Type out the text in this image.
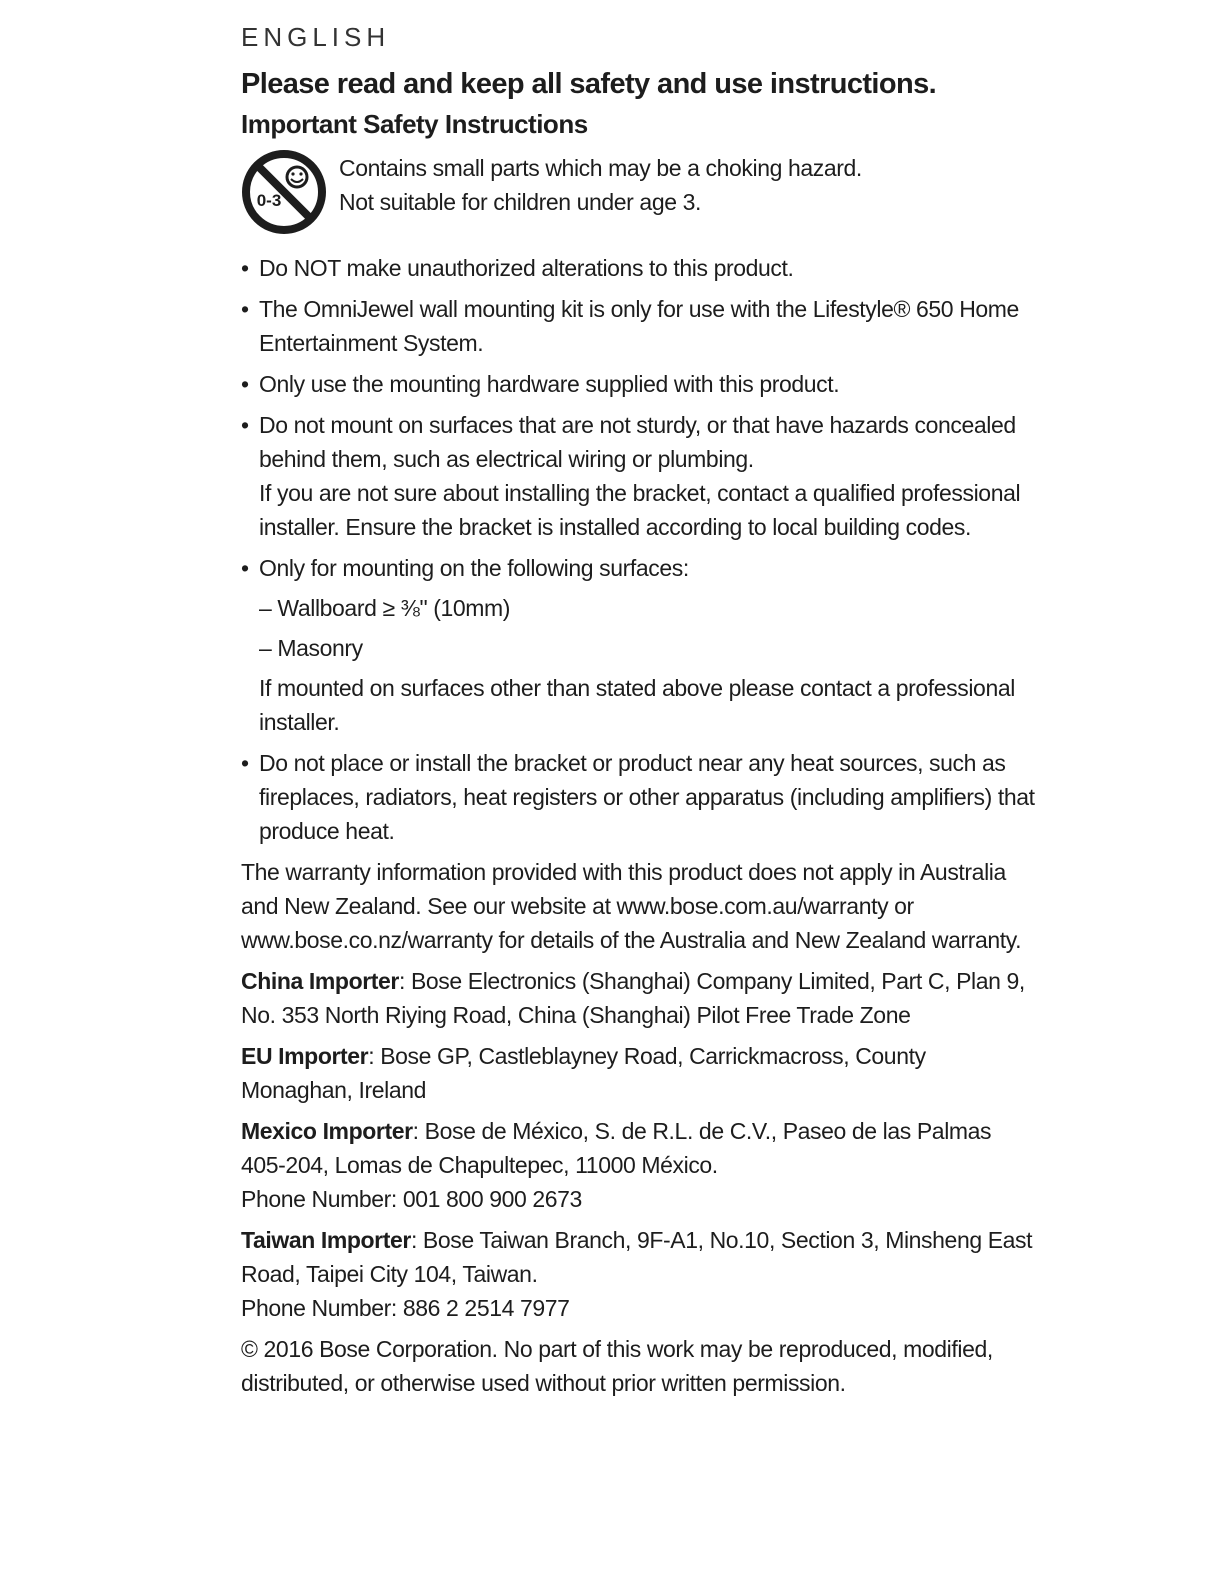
ENGLISH
Please read and keep all safety and use instructions.
Important Safety Instructions
0-3
Contains small parts which may be a choking hazard.
Not suitable for children under age 3.
• Do NOT make unauthorized alterations to this product.
• The OmniJewel wall mounting kit is only for use with the Lifestyle® 650 Home Entertainment System.
• Only use the mounting hardware supplied with this product.
• Do not mount on surfaces that are not sturdy, or that have hazards concealed behind them, such as electrical wiring or plumbing.
If you are not sure about installing the bracket, contact a qualified professional installer. Ensure the bracket is installed according to local building codes.
• Only for mounting on the following surfaces:
– Wallboard ≥ ⅜" (10mm)
– Masonry
If mounted on surfaces other than stated above please contact a professional installer.
• Do not place or install the bracket or product near any heat sources, such as fireplaces, radiators, heat registers or other apparatus (including amplifiers) that produce heat.

The warranty information provided with this product does not apply in Australia and New Zealand. See our website at www.bose.com.au/warranty or www.bose.co.nz/warranty for details of the Australia and New Zealand warranty.

China Importer: Bose Electronics (Shanghai) Company Limited, Part C, Plan 9, No. 353 North Riying Road, China (Shanghai) Pilot Free Trade Zone

EU Importer: Bose GP, Castleblayney Road, Carrickmacross, County Monaghan, Ireland

Mexico Importer: Bose de México, S. de R.L. de C.V., Paseo de las Palmas 405-204, Lomas de Chapultepec, 11000 México.
Phone Number: 001 800 900 2673

Taiwan Importer: Bose Taiwan Branch, 9F-A1, No.10, Section 3, Minsheng East Road, Taipei City 104, Taiwan.
Phone Number: 886 2 2514 7977

© 2016 Bose Corporation. No part of this work may be reproduced, modified, distributed, or otherwise used without prior written permission.
